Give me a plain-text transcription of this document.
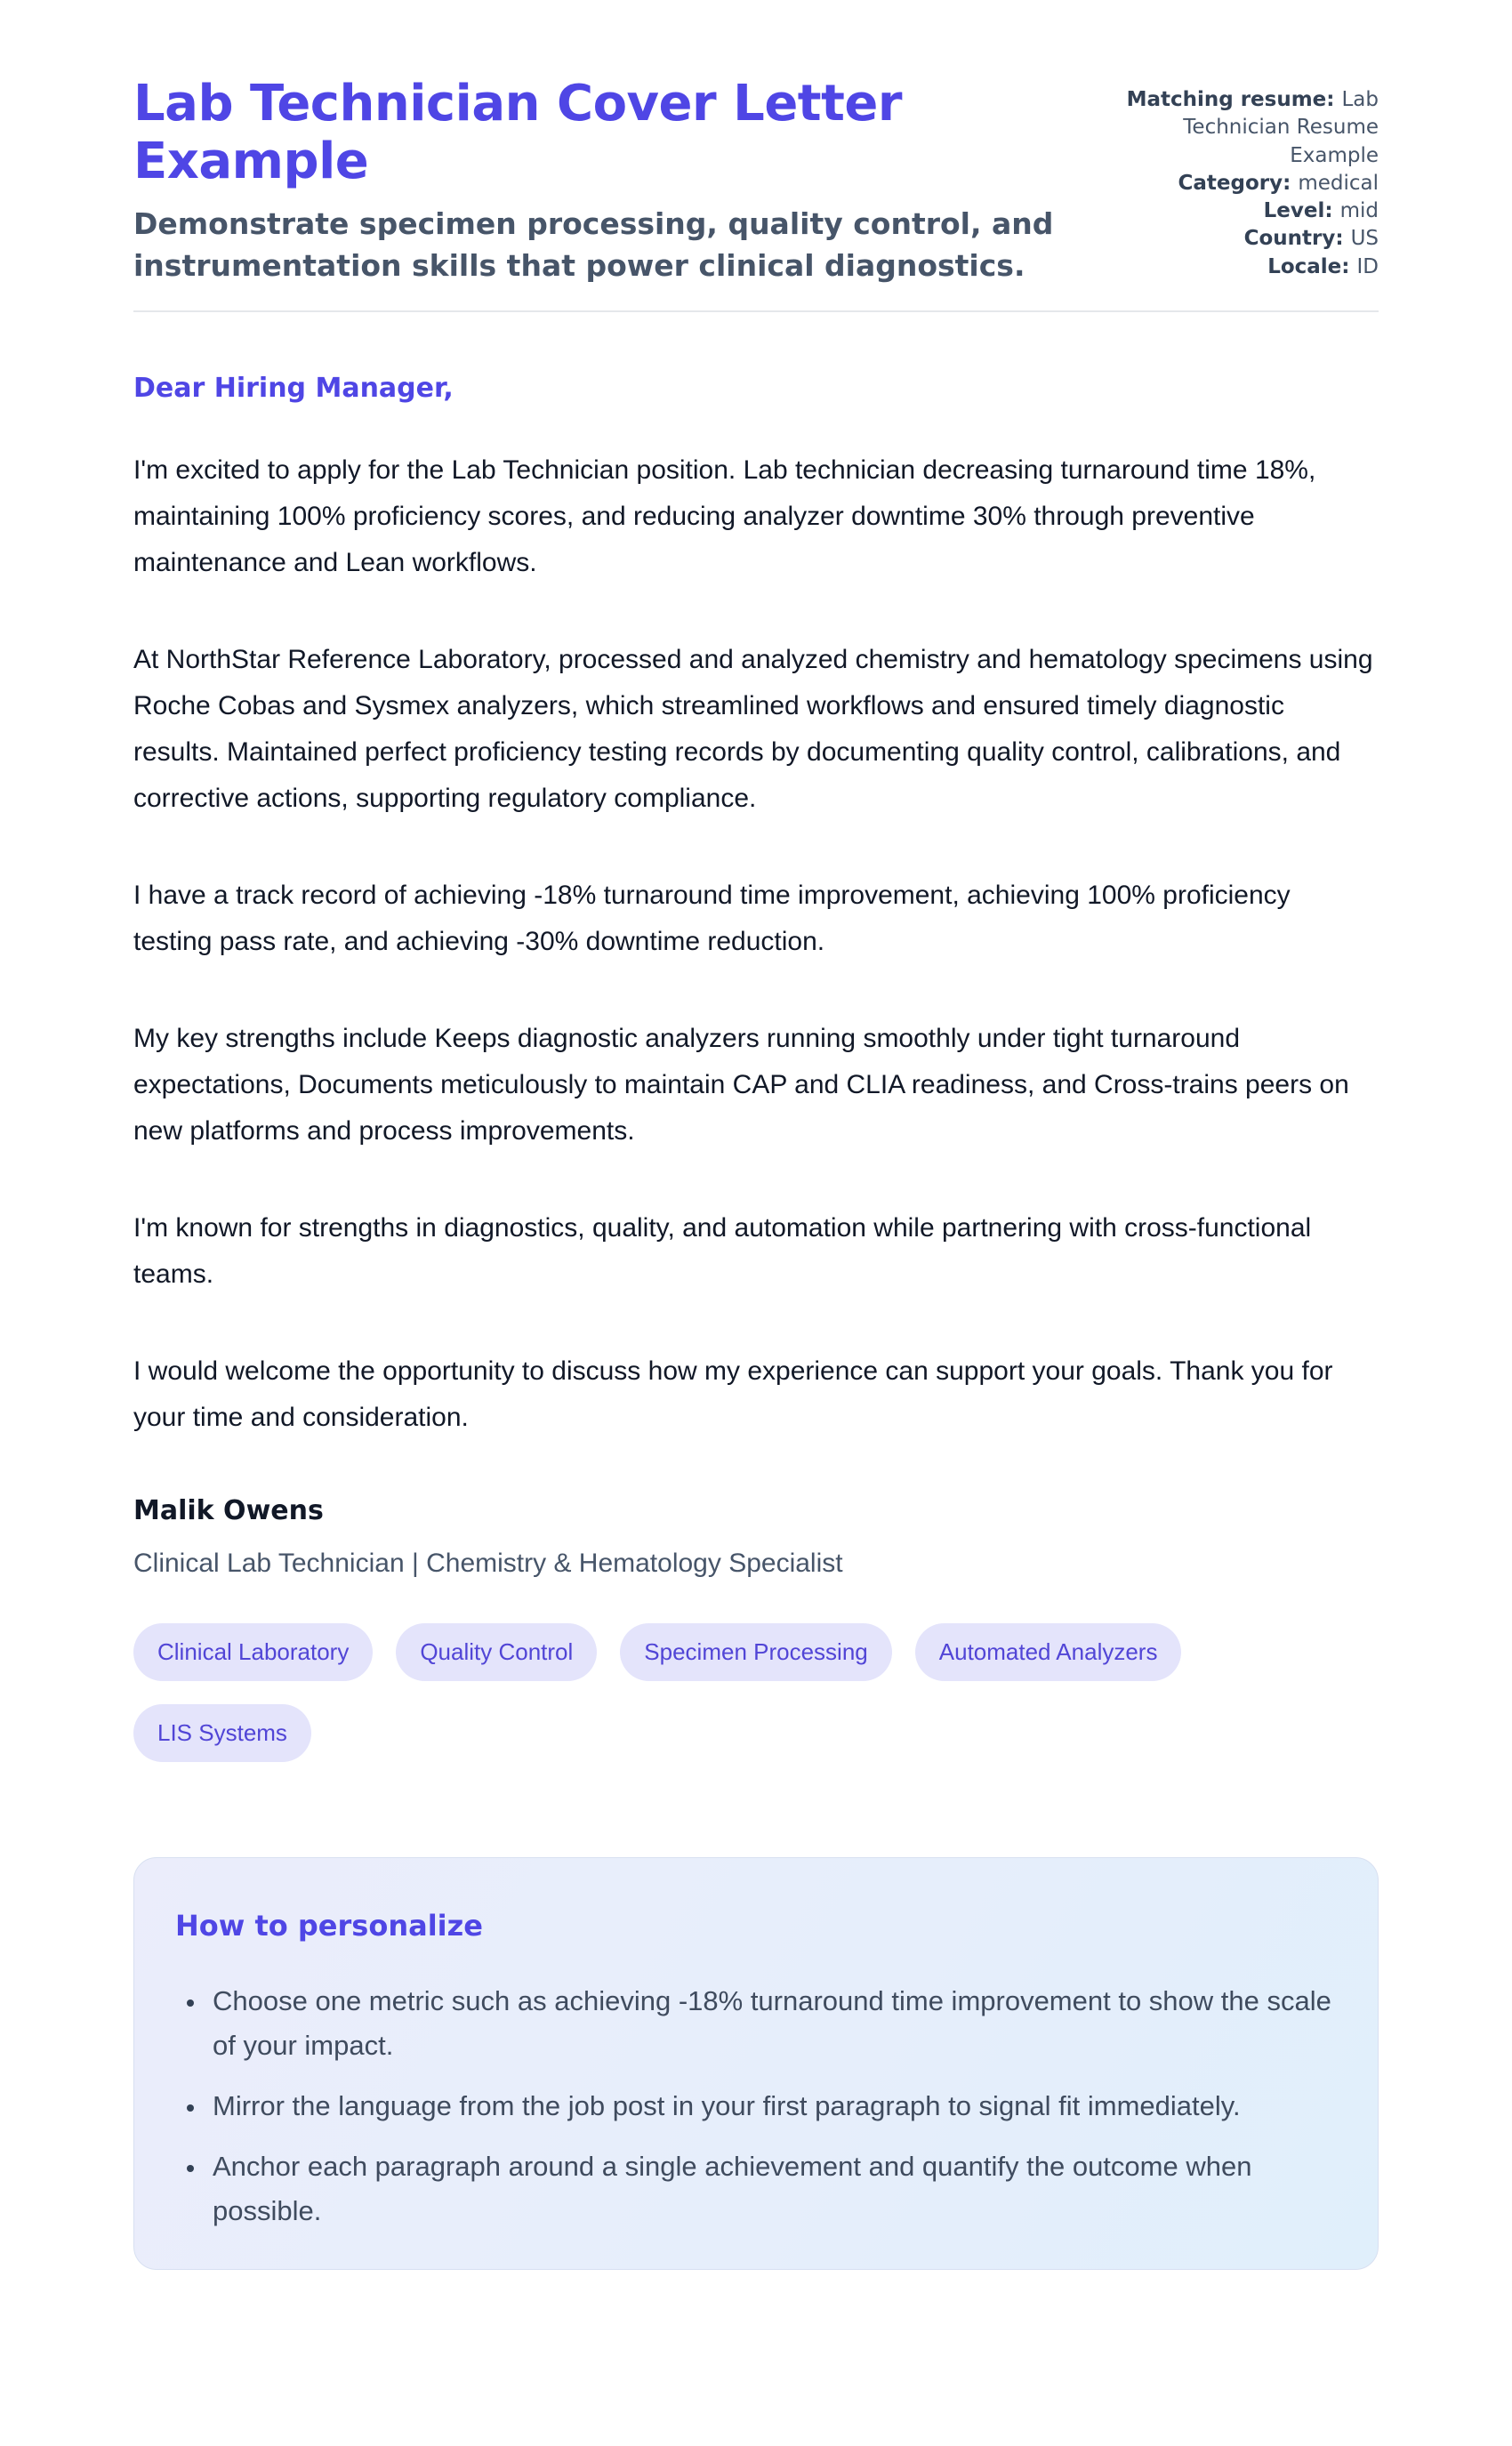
Lab Technician Cover Letter Example

Demonstrate specimen processing, quality control, and instrumentation skills that power clinical diagnostics.

Matching resume: Lab Technician Resume Example
Category: medical
Level: mid
Country: US
Locale: ID
Dear Hiring Manager,

I'm excited to apply for the Lab Technician position. Lab technician decreasing turnaround time 18%, maintaining 100% proficiency scores, and reducing analyzer downtime 30% through preventive maintenance and Lean workflows.

At NorthStar Reference Laboratory, processed and analyzed chemistry and hematology specimens using Roche Cobas and Sysmex analyzers, which streamlined workflows and ensured timely diagnostic results. Maintained perfect proficiency testing records by documenting quality control, calibrations, and corrective actions, supporting regulatory compliance.

I have a track record of achieving -18% turnaround time improvement, achieving 100% proficiency testing pass rate, and achieving -30% downtime reduction.

My key strengths include Keeps diagnostic analyzers running smoothly under tight turnaround expectations, Documents meticulously to maintain CAP and CLIA readiness, and Cross-trains peers on new platforms and process improvements.

I'm known for strengths in diagnostics, quality, and automation while partnering with cross-functional teams.

I would welcome the opportunity to discuss how my experience can support your goals. Thank you for your time and consideration.

Malik Owens
Clinical Lab Technician | Chemistry & Hematology Specialist
Clinical Laboratory	Quality Control	Specimen Processing	Automated Analyzers
LIS Systems
How to personalize
• Choose one metric such as achieving -18% turnaround time improvement to show the scale of your impact.
• Mirror the language from the job post in your first paragraph to signal fit immediately.
• Anchor each paragraph around a single achievement and quantify the outcome when possible.
